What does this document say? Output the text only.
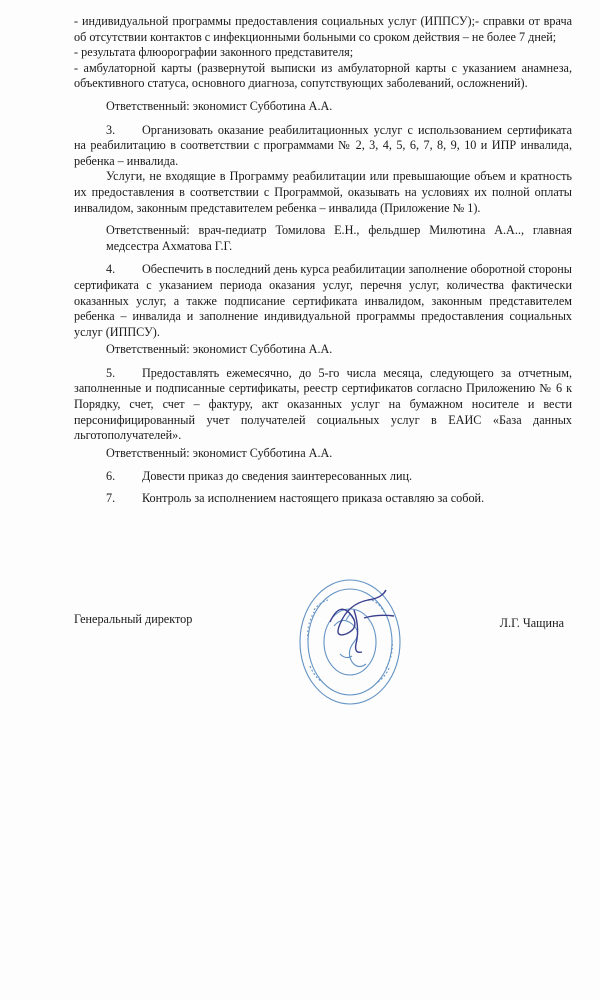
- индивидуальной программы предоставления социальных услуг (ИППСУ);- справки от врача об отсутствии контактов с инфекционными больными со сроком действия – не более 7 дней;

- результата флюорографии законного представителя;

- амбулаторной карты (развернутой выписки из амбулаторной карты с указанием анамнеза, объективного статуса, основного диагноза, сопутствующих заболеваний, осложнений).

Ответственный: экономист Субботина А.А.

3. Организовать оказание реабилитационных услуг с использованием сертификата на реабилитацию в соответствии с программами № 2, 3, 4, 5, 6, 7, 8, 9, 10 и ИПР инвалида, ребенка – инвалида.

Услуги, не входящие в Программу реабилитации или превышающие объем и кратность их предоставления в соответствии с Программой, оказывать на условиях их полной оплаты инвалидом, законным представителем ребенка – инвалида (Приложение № 1).

Ответственный: врач-педиатр Томилова Е.Н., фельдшер Милютина А.А.., главная медсестра Ахматова Г.Г.

4. Обеспечить в последний день курса реабилитации заполнение оборотной стороны сертификата с указанием периода оказания услуг, перечня услуг, количества фактически оказанных услуг, а также подписание сертификата инвалидом, законным представителем ребенка – инвалида и заполнение индивидуальной программы предоставления социальных услуг (ИППСУ).

Ответственный: экономист Субботина А.А.

5. Предоставлять ежемесячно, до 5-го числа месяца, следующего за отчетным, заполненные и подписанные сертификаты, реестр сертификатов согласно Приложению № 6 к Порядку, счет, счет – фактуру, акт оказанных услуг на бумажном носителе и вести персонифицированный учет получателей социальных услуг в ЕАИС «База данных льготополучателей».

Ответственный: экономист Субботина А.А.

6. Довести приказ до сведения заинтересованных лиц.

7. Контроль за исполнением настоящего приказа оставляю за собой.

Генеральный директор	Л.Г. Чащина
